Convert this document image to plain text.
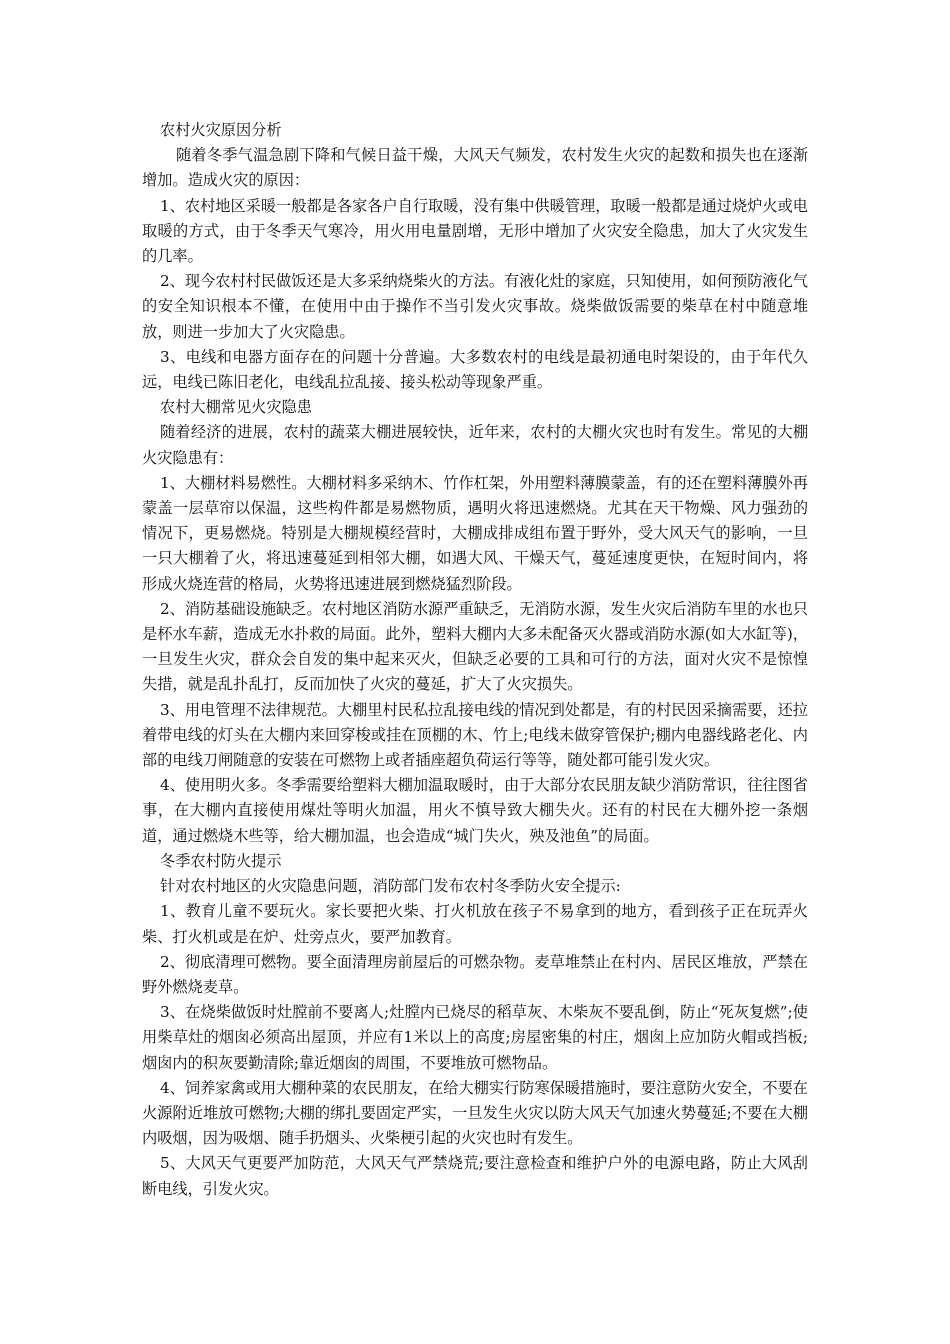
农村火灾原因分析

随着冬季气温急剧下降和气候日益干燥，大风天气频发，农村发生火灾的起数和损失也在逐渐增加。造成火灾的原因：

1、农村地区采暖一般都是各家各户自行取暖，没有集中供暖管理，取暖一般都是通过烧炉火或电取暖的方式，由于冬季天气寒冷，用火用电量剧增，无形中增加了火灾安全隐患，加大了火灾发生的几率。

2、现今农村村民做饭还是大多采纳烧柴火的方法。有液化灶的家庭，只知使用，如何预防液化气的安全知识根本不懂，在使用中由于操作不当引发火灾事故。烧柴做饭需要的柴草在村中随意堆放，则进一步加大了火灾隐患。

3、电线和电器方面存在的问题十分普遍。大多数农村的电线是最初通电时架设的，由于年代久远，电线已陈旧老化，电线乱拉乱接、接头松动等现象严重。

农村大棚常见火灾隐患

随着经济的进展，农村的蔬菜大棚进展较快，近年来，农村的大棚火灾也时有发生。常见的大棚火灾隐患有：

1、大棚材料易燃性。大棚材料多采纳木、竹作杠架，外用塑料薄膜蒙盖，有的还在塑料薄膜外再蒙盖一层草帘以保温，这些构件都是易燃物质，遇明火将迅速燃烧。尤其在天干物燥、风力强劲的情况下，更易燃烧。特别是大棚规模经营时，大棚成排成组布置于野外，受大风天气的影响，一旦一只大棚着了火，将迅速蔓延到相邻大棚，如遇大风、干燥天气，蔓延速度更快，在短时间内，将形成火烧连营的格局，火势将迅速进展到燃烧猛烈阶段。

2、消防基础设施缺乏。农村地区消防水源严重缺乏，无消防水源，发生火灾后消防车里的水也只是杯水车薪，造成无水扑救的局面。此外，塑料大棚内大多未配备灭火器或消防水源(如大水缸等)，一旦发生火灾，群众会自发的集中起来灭火，但缺乏必要的工具和可行的方法，面对火灾不是惊惶失措，就是乱扑乱打，反而加快了火灾的蔓延，扩大了火灾损失。

3、用电管理不法律规范。大棚里村民私拉乱接电线的情况到处都是，有的村民因采摘需要，还拉着带电线的灯头在大棚内来回穿梭或挂在顶棚的木、竹上;电线未做穿管保护;棚内电器线路老化、内部的电线刀闸随意的安装在可燃物上或者插座超负荷运行等等，随处都可能引发火灾。

4、使用明火多。冬季需要给塑料大棚加温取暖时，由于大部分农民朋友缺少消防常识，往往图省事，在大棚内直接使用煤灶等明火加温，用火不慎导致大棚失火。还有的村民在大棚外挖一条烟道，通过燃烧木些等，给大棚加温，也会造成“城门失火，殃及池鱼”的局面。

冬季农村防火提示

针对农村地区的火灾隐患问题，消防部门发布农村冬季防火安全提示:

1、教育儿童不要玩火。家长要把火柴、打火机放在孩子不易拿到的地方，看到孩子正在玩弄火柴、打火机或是在炉、灶旁点火，要严加教育。

2、彻底清理可燃物。要全面清理房前屋后的可燃杂物。麦草堆禁止在村内、居民区堆放，严禁在野外燃烧麦草。

3、在烧柴做饭时灶膛前不要离人;灶膛内已烧尽的稻草灰、木柴灰不要乱倒，防止“死灰复燃”;使用柴草灶的烟囱必须高出屋顶，并应有1米以上的高度;房屋密集的村庄，烟囱上应加防火帽或挡板;烟囱内的积灰要勤清除;靠近烟囱的周围，不要堆放可燃物品。

4、饲养家禽或用大棚种菜的农民朋友，在给大棚实行防寒保暖措施时，要注意防火安全，不要在火源附近堆放可燃物;大棚的绑扎要固定严实，一旦发生火灾以防大风天气加速火势蔓延;不要在大棚内吸烟，因为吸烟、随手扔烟头、火柴梗引起的火灾也时有发生。

5、大风天气更要严加防范，大风天气严禁烧荒;要注意检查和维护户外的电源电路，防止大风刮断电线，引发火灾。
